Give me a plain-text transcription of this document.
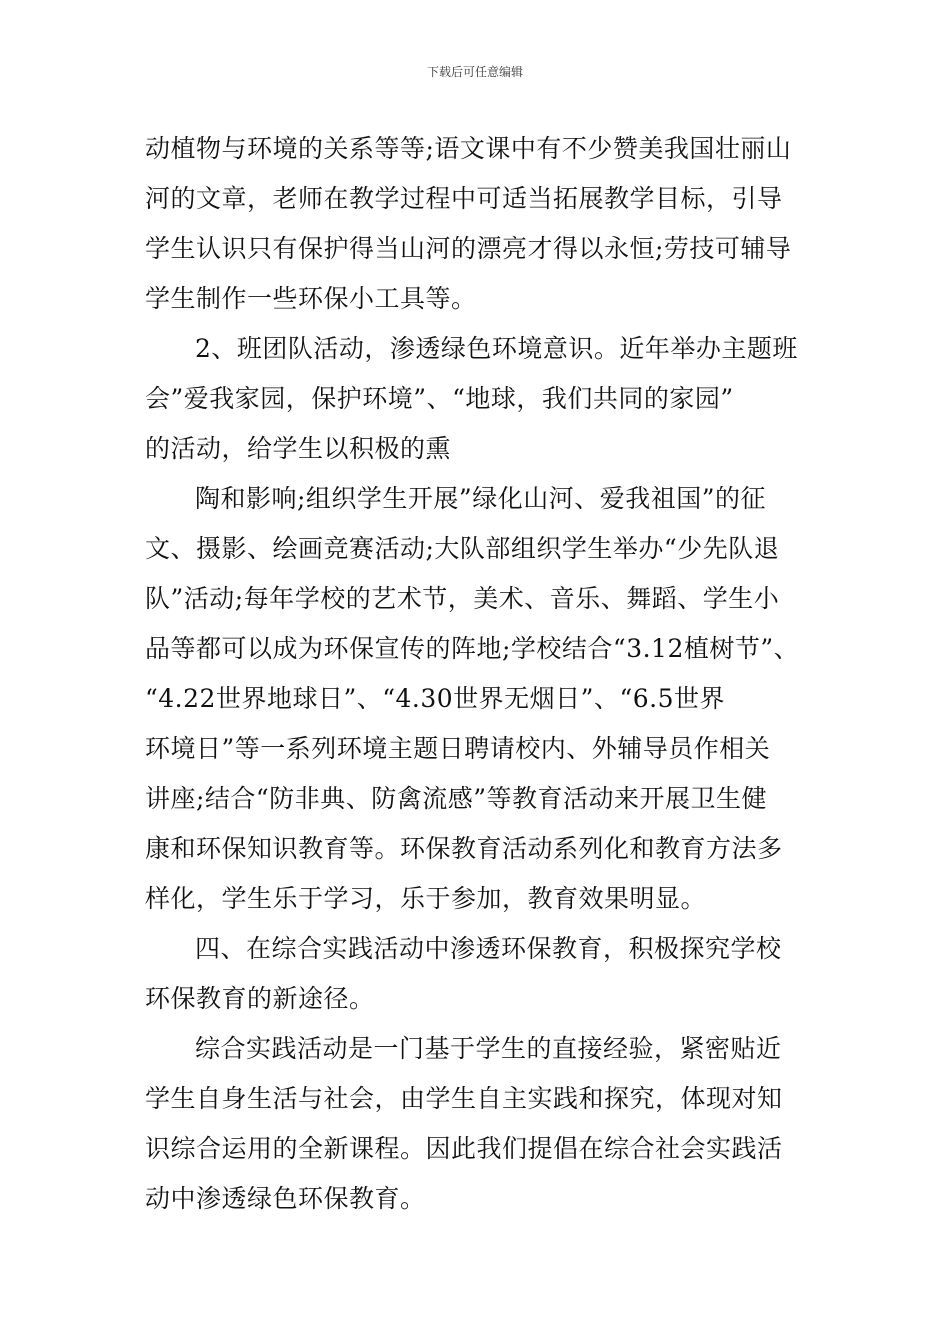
下载后可任意编辑
动植物与环境的关系等等;语文课中有不少赞美我国壮丽山
河的文章，老师在教学过程中可适当拓展教学目标，引导
学生认识只有保护得当山河的漂亮才得以永恒;劳技可辅导
学生制作一些环保小工具等。
2、班团队活动，渗透绿色环境意识。近年举办主题班
会”爱我家园，保护环境”、“地球，我们共同的家园”
的活动，给学生以积极的熏
陶和影响;组织学生开展”绿化山河、爱我祖国”的征
文、摄影、绘画竞赛活动;大队部组织学生举办“少先队退
队”活动;每年学校的艺术节，美术、音乐、舞蹈、学生小
品等都可以成为环保宣传的阵地;学校结合“3.12植树节”、
“4.22世界地球日”、“4.30世界无烟日”、“6.5世界
环境日”等一系列环境主题日聘请校内、外辅导员作相关
讲座;结合“防非典、防禽流感”等教育活动来开展卫生健
康和环保知识教育等。环保教育活动系列化和教育方法多
样化，学生乐于学习，乐于参加，教育效果明显。
四、在综合实践活动中渗透环保教育，积极探究学校
环保教育的新途径。
综合实践活动是一门基于学生的直接经验，紧密贴近
学生自身生活与社会，由学生自主实践和探究，体现对知
识综合运用的全新课程。因此我们提倡在综合社会实践活
动中渗透绿色环保教育。
